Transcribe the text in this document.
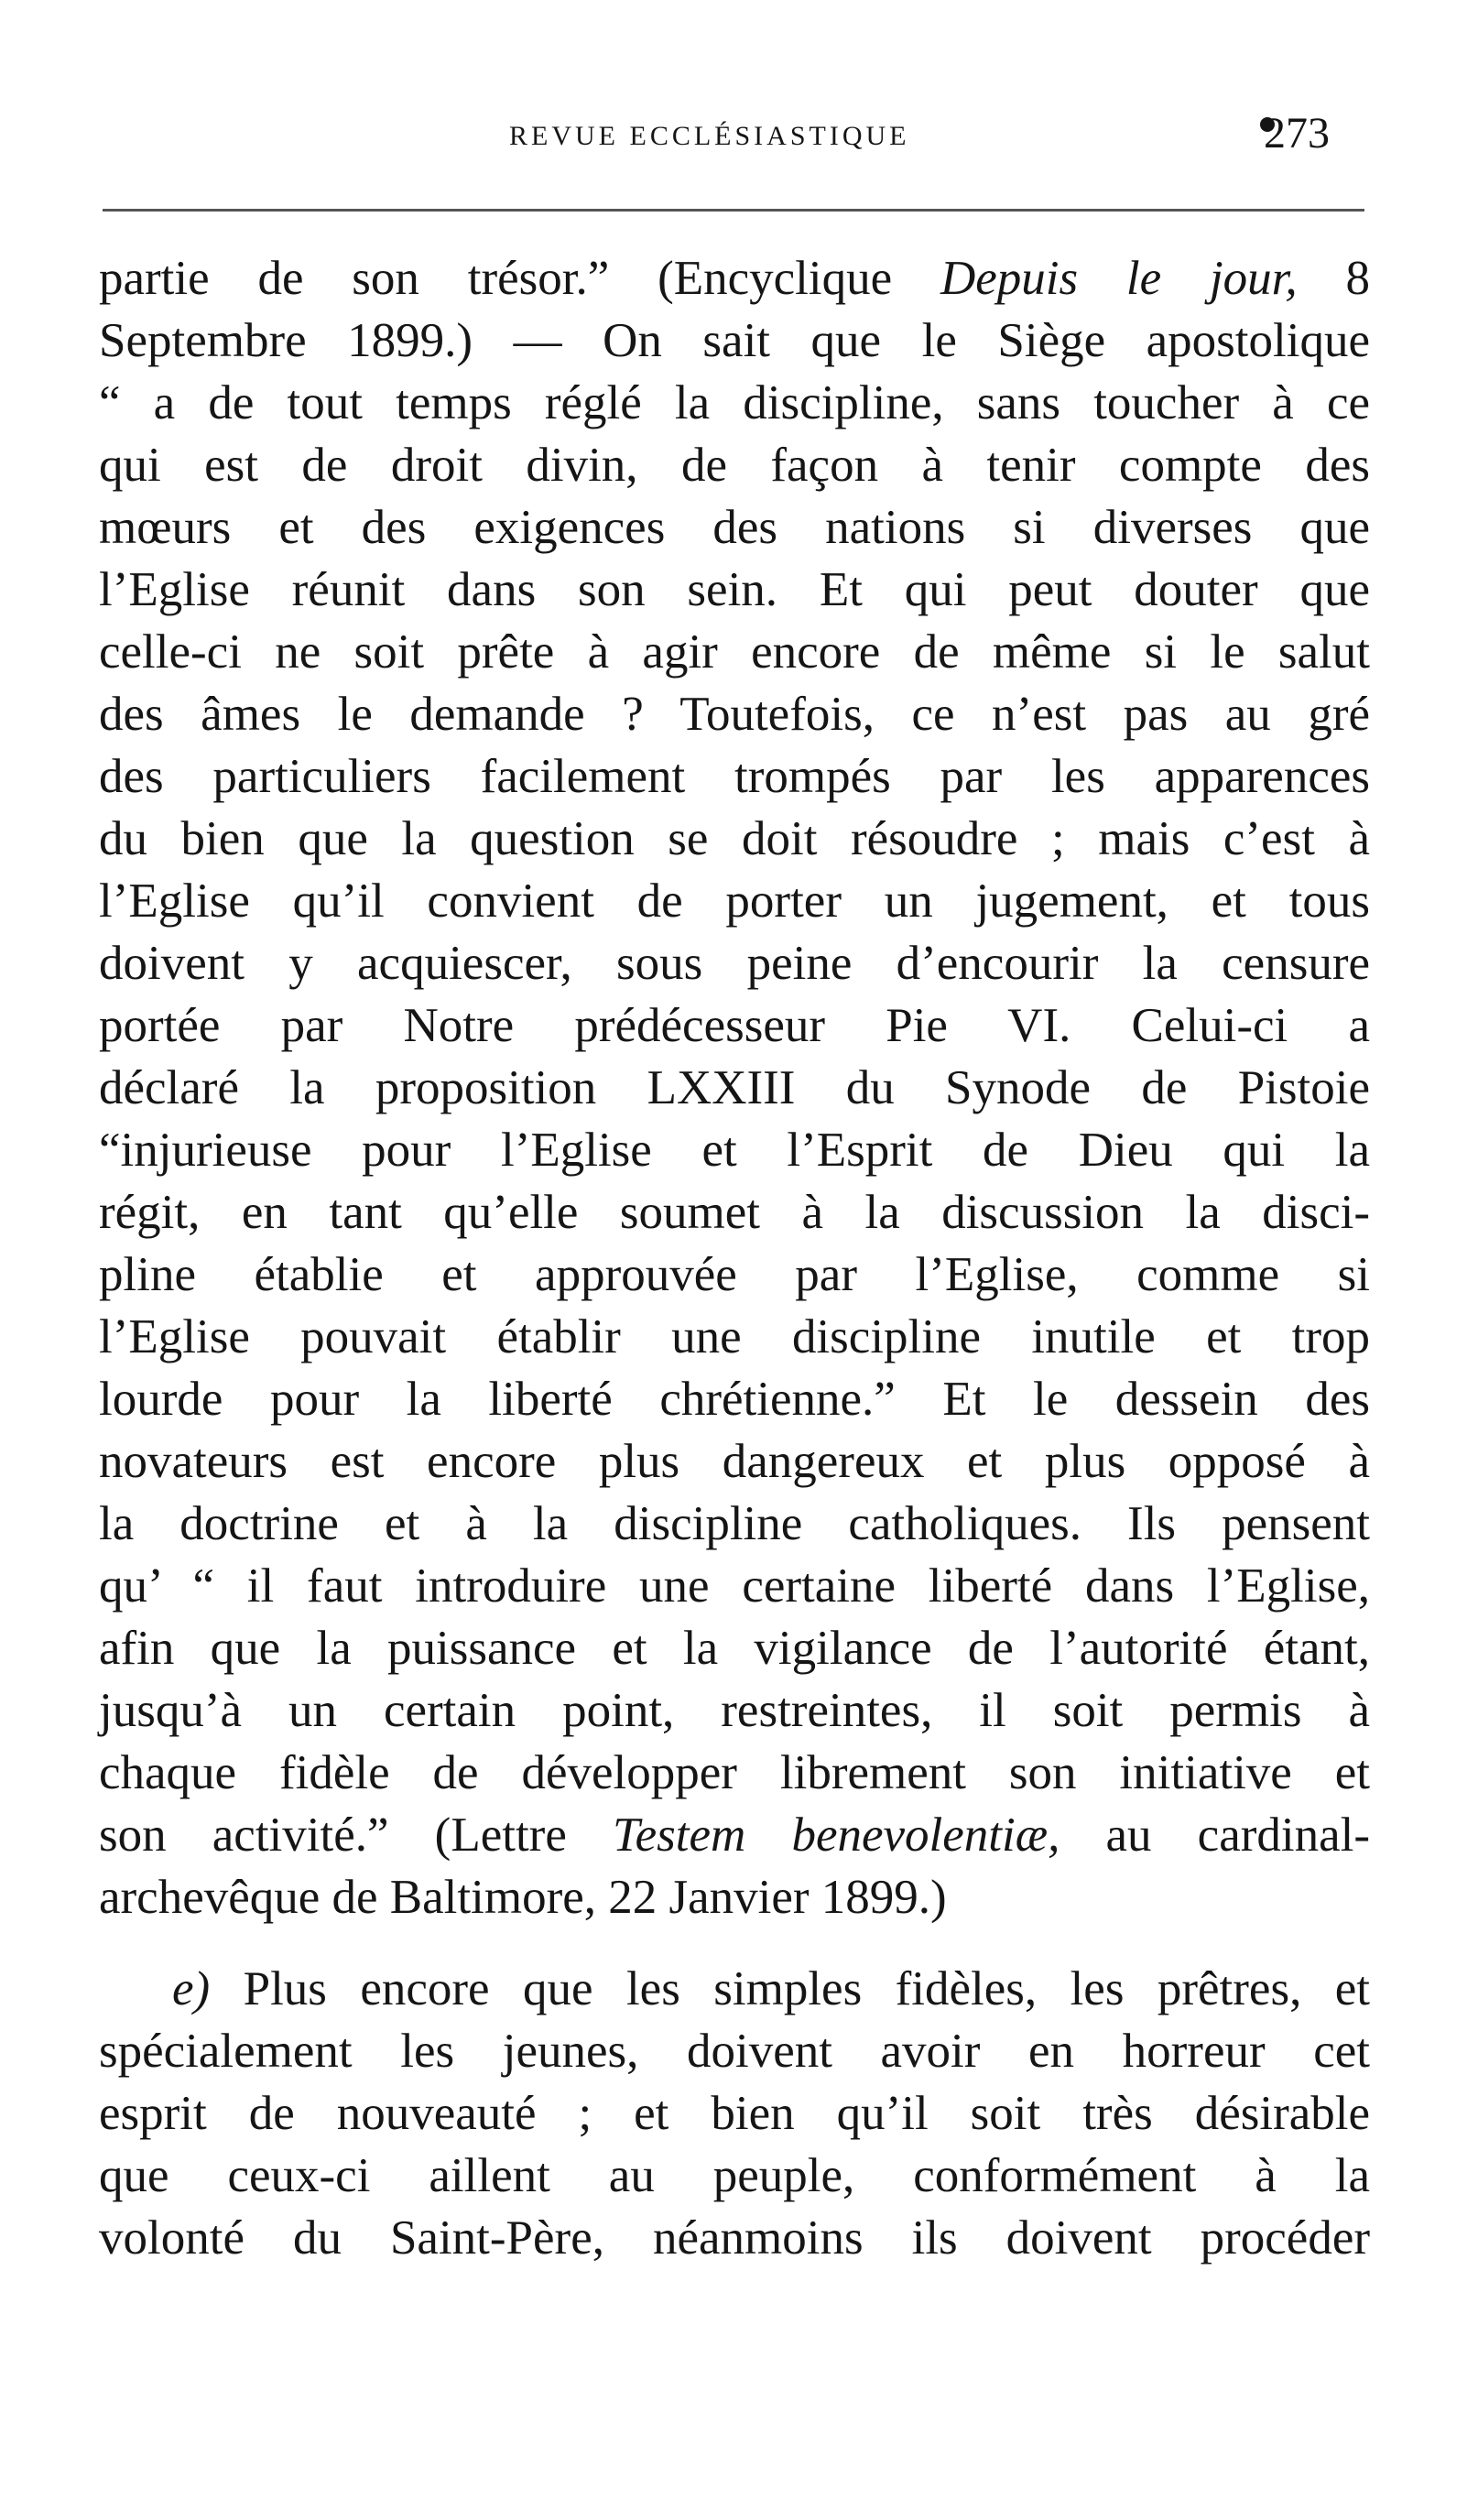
REVUE ECCLÉSIASTIQUE	273
partie de son trésor.” (Encyclique Depuis le jour, 8
Septembre 1899.) — On sait que le Siège apostolique
“ a de tout temps réglé la discipline, sans toucher à ce
qui est de droit divin, de façon à tenir compte des
mœurs et des exigences des nations si diverses que
l’Eglise réunit dans son sein. Et qui peut douter que
celle-ci ne soit prête à agir encore de même si le salut
des âmes le demande ? Toutefois, ce n’est pas au gré
des particuliers facilement trompés par les apparences
du bien que la question se doit résoudre ; mais c’est à
l’Eglise qu’il convient de porter un jugement, et tous
doivent y acquiescer, sous peine d’encourir la censure
portée par Notre prédécesseur Pie VI. Celui-ci a
déclaré la proposition LXXIII du Synode de Pistoie
“injurieuse pour l’Eglise et l’Esprit de Dieu qui la
régit, en tant qu’elle soumet à la discussion la disci-
pline établie et approuvée par l’Eglise, comme si
l’Eglise pouvait établir une discipline inutile et trop
lourde pour la liberté chrétienne.” Et le dessein des
novateurs est encore plus dangereux et plus opposé à
la doctrine et à la discipline catholiques. Ils pensent
qu’ “ il faut introduire une certaine liberté dans l’Eglise,
afin que la puissance et la vigilance de l’autorité étant,
jusqu’à un certain point, restreintes, il soit permis à
chaque fidèle de développer librement son initiative et
son activité.” (Lettre Testem benevolentiæ, au cardinal-
archevêque de Baltimore, 22 Janvier 1899.)
e) Plus encore que les simples fidèles, les prêtres, et
spécialement les jeunes, doivent avoir en horreur cet
esprit de nouveauté ; et bien qu’il soit très désirable
que ceux-ci aillent au peuple, conformément à la
volonté du Saint-Père, néanmoins ils doivent procéder
